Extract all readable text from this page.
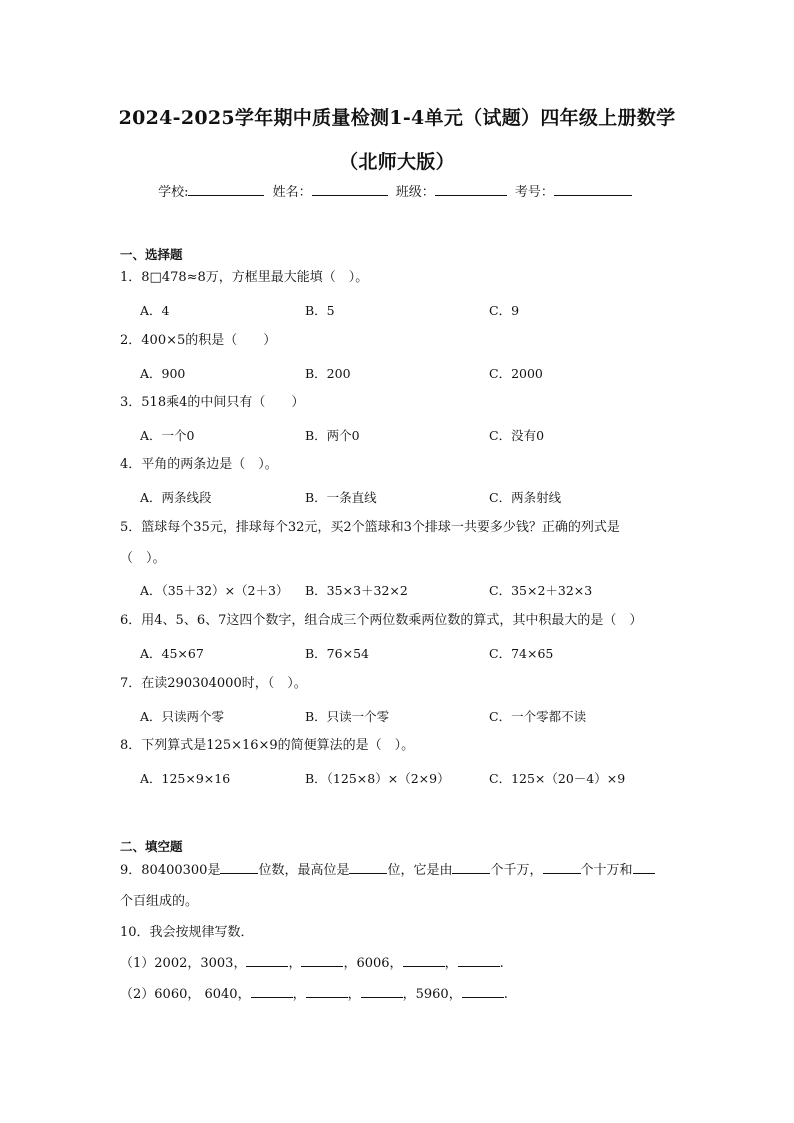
2024-2025学年期中质量检测1-4单元（试题）四年级上册数学
（北师大版）
学校:	姓名：	班级：	考号：
一、选择题
1．8□478≈8万，方框里最大能填（　）。
A．4	B．5	C．9
2．400×5的积是（　　）
A．900	B．200	C．2000
3．518乘4的中间只有（　　）
A．一个0	B．两个0	C．没有0
4．平角的两条边是（　）。
A．两条线段	B．一条直线	C．两条射线
5．篮球每个35元，排球每个32元，买2个篮球和3个排球一共要多少钱？正确的列式是
（　）。
A．（35＋32）×（2＋3） B．35×3＋32×2	C．35×2＋32×3
6．用4、5、6、7这四个数字，组合成三个两位数乘两位数的算式，其中积最大的是（　）
A．45×67	B．76×54	C．74×65
7．在读290304000时，（　）。
A．只读两个零	B．只读一个零	C．一个零都不读
8．下列算式是125×16×9的简便算法的是（　）。
A．125×9×16	B．（125×8）×（2×9）	C．125×（20－4）×9
二、填空题
9．80400300是	位数，最高位是	位，它是由	个千万，	个十万和
个百组成的。
10．我会按规律写数．
（1）2002，3003，	，	，6006，	，	.
（2）6060， 6040，	，	，	，5960，	.
